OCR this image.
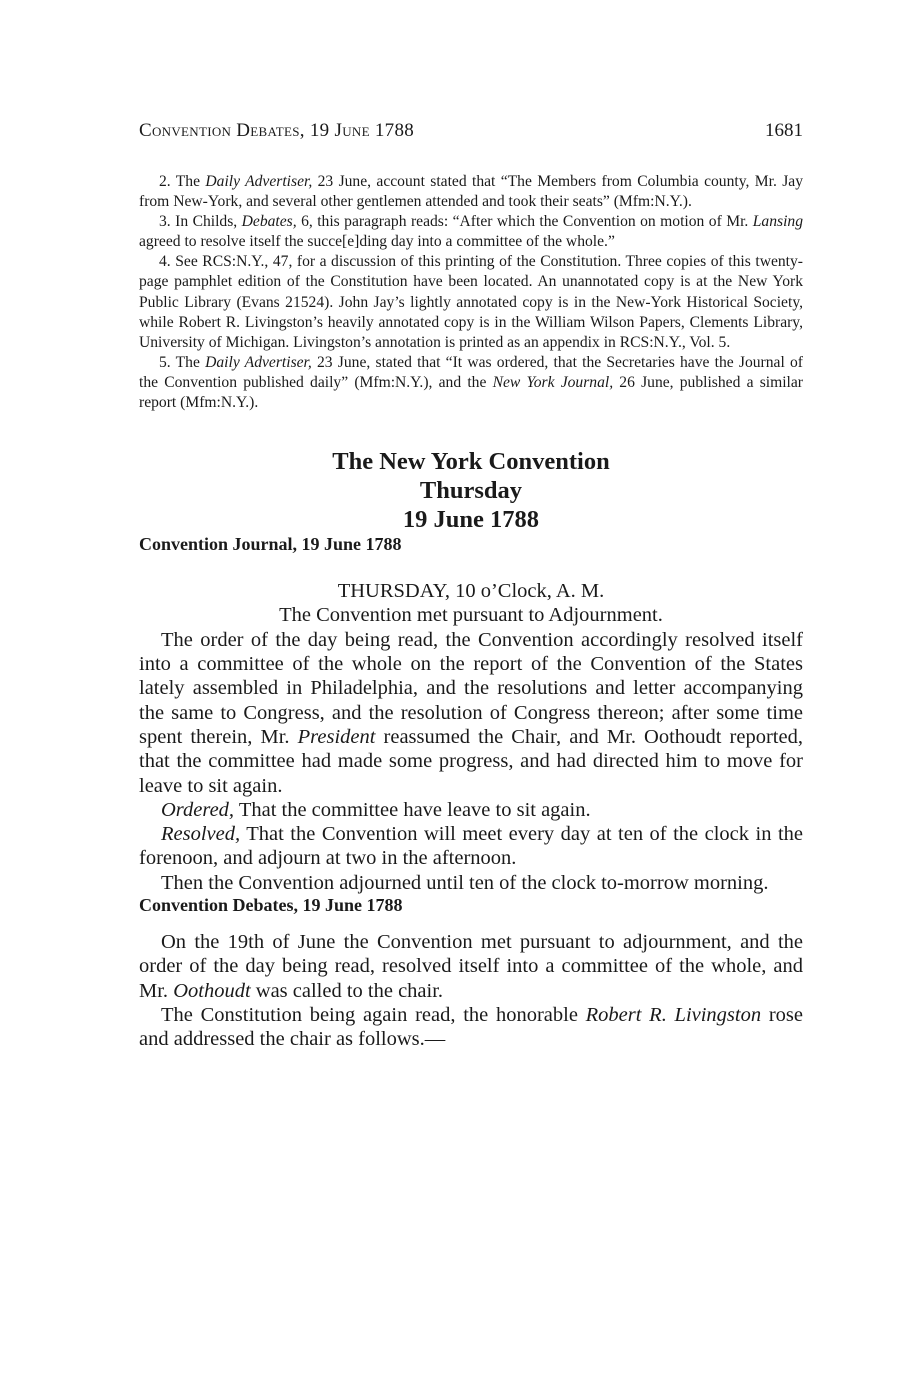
Convention Debates, 19 June 1788	1681

2. The Daily Advertiser, 23 June, account stated that “The Members from Columbia county, Mr. Jay from New-York, and several other gentlemen attended and took their seats” (Mfm:N.Y.).

3. In Childs, Debates, 6, this paragraph reads: “After which the Convention on motion of Mr. Lansing agreed to resolve itself the succe[e]ding day into a committee of the whole.”

4. See RCS:N.Y., 47, for a discussion of this printing of the Constitution. Three copies of this twenty-page pamphlet edition of the Constitution have been located. An unannotated copy is at the New York Public Library (Evans 21524). John Jay’s lightly annotated copy is in the New-York Historical Society, while Robert R. Livingston’s heavily annotated copy is in the William Wilson Papers, Clements Library, University of Michigan. Livingston’s annotation is printed as an appendix in RCS:N.Y., Vol. 5.

5. The Daily Advertiser, 23 June, stated that “It was ordered, that the Secretaries have the Journal of the Convention published daily” (Mfm:N.Y.), and the New York Journal, 26 June, published a similar report (Mfm:N.Y.).

The New York Convention
Thursday
19 June 1788
Convention Journal, 19 June 1788

THURSDAY, 10 o’Clock, A. M.

The Convention met pursuant to Adjournment.

The order of the day being read, the Convention accordingly resolved itself into a committee of the whole on the report of the Convention of the States lately assembled in Philadelphia, and the resolutions and letter accompanying the same to Congress, and the resolution of Congress thereon; after some time spent therein, Mr. President reassumed the Chair, and Mr. Oothoudt reported, that the committee had made some progress, and had directed him to move for leave to sit again.

Ordered, That the committee have leave to sit again.

Resolved, That the Convention will meet every day at ten of the clock in the forenoon, and adjourn at two in the afternoon.

Then the Convention adjourned until ten of the clock to-morrow morning.

Convention Debates, 19 June 1788

On the 19th of June the Convention met pursuant to adjournment, and the order of the day being read, resolved itself into a committee of the whole, and Mr. Oothoudt was called to the chair.

The Constitution being again read, the honorable Robert R. Livingston rose and addressed the chair as follows.—
